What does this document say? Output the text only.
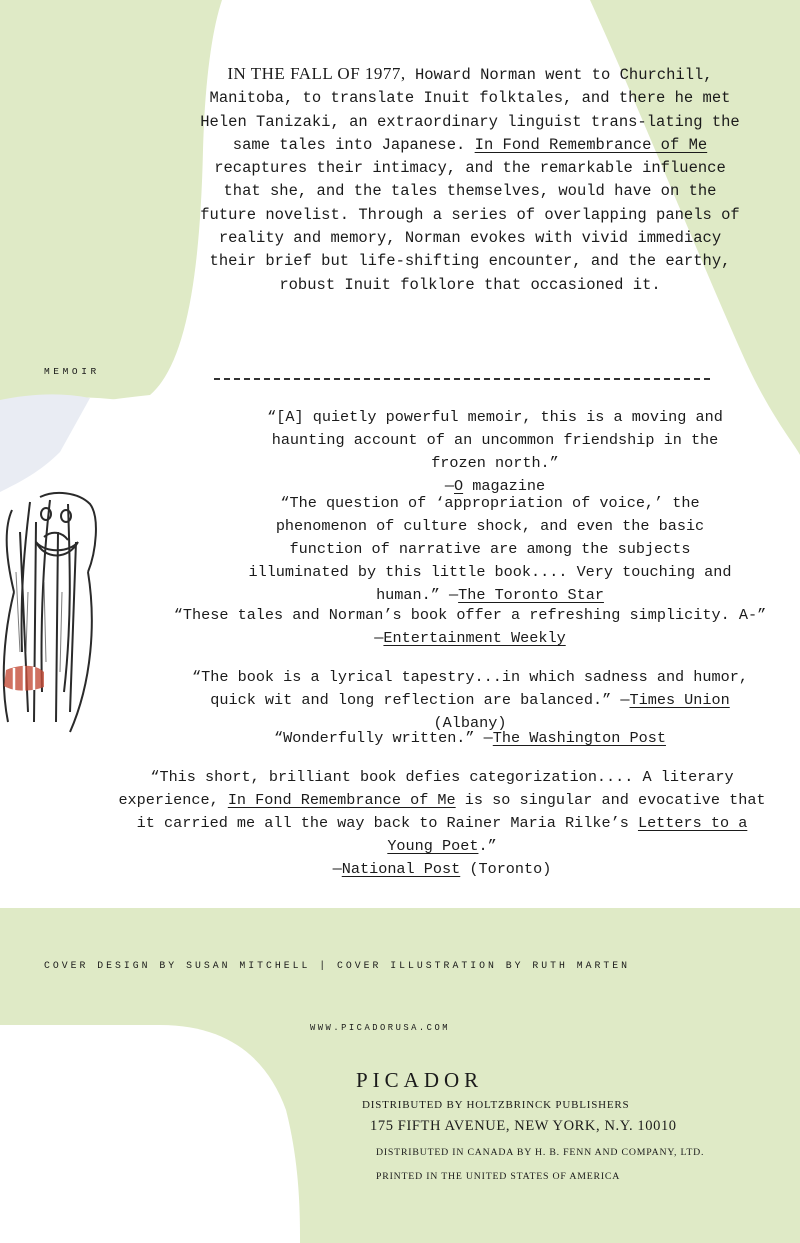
IN THE FALL OF 1977, Howard Norman went to Churchill, Manitoba, to translate Inuit folktales, and there he met Helen Tanizaki, an extraordinary linguist trans-lating the same tales into Japanese. In Fond Remembrance of Me recaptures their intimacy, and the remarkable influence that she, and the tales themselves, would have on the future novelist. Through a series of overlapping panels of reality and memory, Norman evokes with vivid immediacy their brief but life-shifting encounter, and the earthy, robust Inuit folklore that occasioned it.
MEMOIR
“[A] quietly powerful memoir, this is a moving and haunting account of an uncommon friendship in the frozen north.”
—O magazine
“The question of ‘appropriation of voice,’ the phenomenon of culture shock, and even the basic function of narrative are among the subjects illuminated by this little book.... Very touching and human.” —The Toronto Star
“These tales and Norman’s book offer a refreshing simplicity. A-”
—Entertainment Weekly
“The book is a lyrical tapestry...in which sadness and humor, quick wit and long reflection are balanced.” —Times Union (Albany)
“Wonderfully written.” —The Washington Post
“This short, brilliant book defies categorization.... A literary experience, In Fond Remembrance of Me is so singular and evocative that it carried me all the way back to Rainer Maria Rilke’s Letters to a Young Poet.”
—National Post (Toronto)
COVER DESIGN BY SUSAN MITCHELL | COVER ILLUSTRATION BY RUTH MARTEN
WWW.PICADORUSA.COM
PICADOR
DISTRIBUTED BY HOLTZBRINCK PUBLISHERS
175 FIFTH AVENUE, NEW YORK, N.Y. 10010
DISTRIBUTED IN CANADA BY H. B. FENN AND COMPANY, LTD.
PRINTED IN THE UNITED STATES OF AMERICA
